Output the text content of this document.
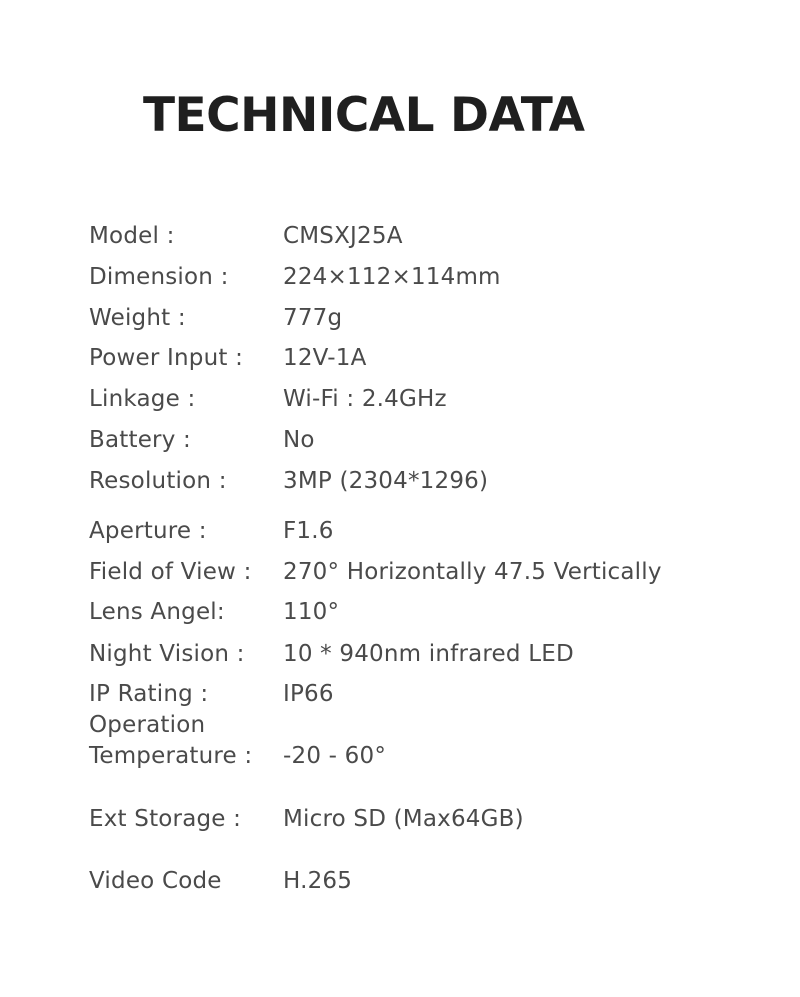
TECHNICAL DATA
Model :	CMSXJ25A
Dimension : 224×112×114mm
Weight :	777g
Power Input : 12V-1A
Linkage :	Wi-Fi : 2.4GHz
Battery :	No
Resolution : 3MP (2304*1296)
Aperture :	F1.6
Field of View : 270° Horizontally 47.5 Vertically
Lens Angel:	110°
Night Vision : 10 * 940nm infrared LED
IP Rating :	IP66
Operation
Temperature : -20 - 60°
Ext Storage : Micro SD (Max64GB)
Video Code	H.265
